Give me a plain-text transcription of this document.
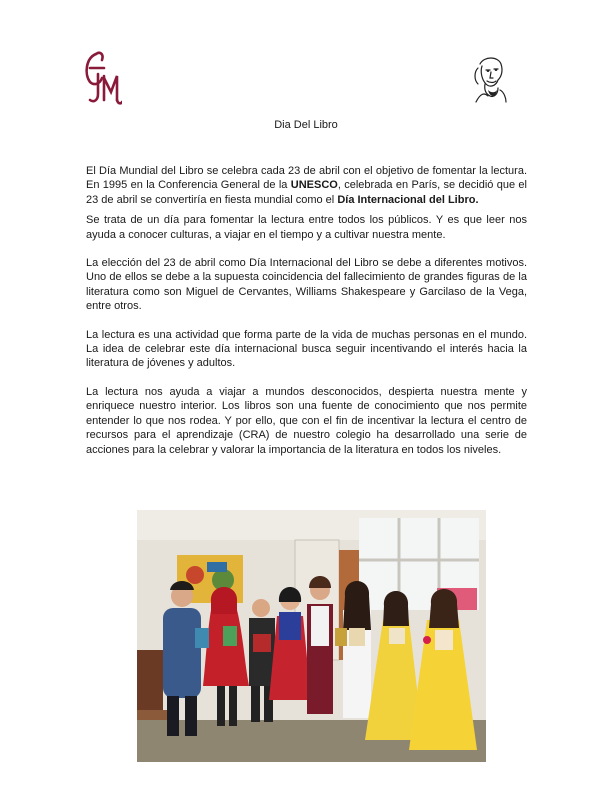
Dia Del Libro

El Día Mundial del Libro se celebra cada 23 de abril con el objetivo de fomentar la lectura. En 1995 en la Conferencia General de la UNESCO, celebrada en París, se decidió que el 23 de abril se convertiría en fiesta mundial como el Día Internacional del Libro.

Se trata de un día para fomentar la lectura entre todos los públicos. Y es que leer nos ayuda a conocer culturas, a viajar en el tiempo y a cultivar nuestra mente.

La elección del 23 de abril como Día Internacional del Libro se debe a diferentes motivos. Uno de ellos se debe a la supuesta coincidencia del fallecimiento de grandes figuras de la literatura como son Miguel de Cervantes, Williams Shakespeare y Garcilaso de la Vega, entre otros.

La lectura es una actividad que forma parte de la vida de muchas personas en el mundo. La idea de celebrar este día internacional busca seguir incentivando el interés hacia la literatura de jóvenes y adultos.

La lectura nos ayuda a viajar a mundos desconocidos, despierta nuestra mente y enriquece nuestro interior. Los libros son una fuente de conocimiento que nos permite entender lo que nos rodea. Y por ello, que con el fin de incentivar la lectura el centro de recursos para el aprendizaje (CRA) de nuestro colegio ha desarrollado una serie de acciones para la celebrar y valorar la importancia de la literatura en todos los niveles.
